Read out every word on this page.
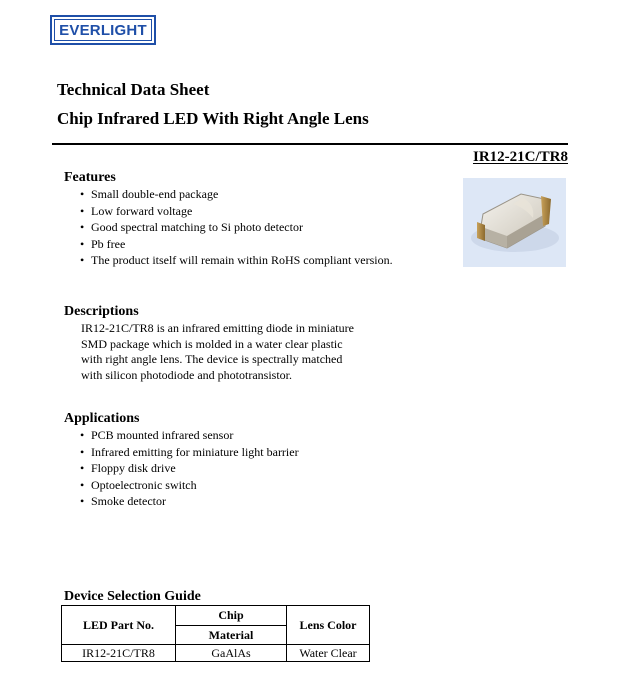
EVERLIGHT
Technical Data Sheet
Chip Infrared LED With Right Angle Lens
IR12-21C/TR8
Features
• Small double-end package
• Low forward voltage
• Good spectral matching to Si photo detector
• Pb free
• The product itself will remain within RoHS compliant version.
Descriptions
IR12-21C/TR8 is an infrared emitting diode in miniature
SMD package which is molded in a water clear plastic
with right angle lens. The device is spectrally matched
with silicon photodiode and phototransistor.
Applications
• PCB mounted infrared sensor
• Infrared emitting for miniature light barrier
• Floppy disk drive
• Optoelectronic switch
• Smoke detector
Device Selection Guide
LED Part No.	Chip	Lens Color
	Material	
IR12-21C/TR8	GaAlAs	Water Clear
